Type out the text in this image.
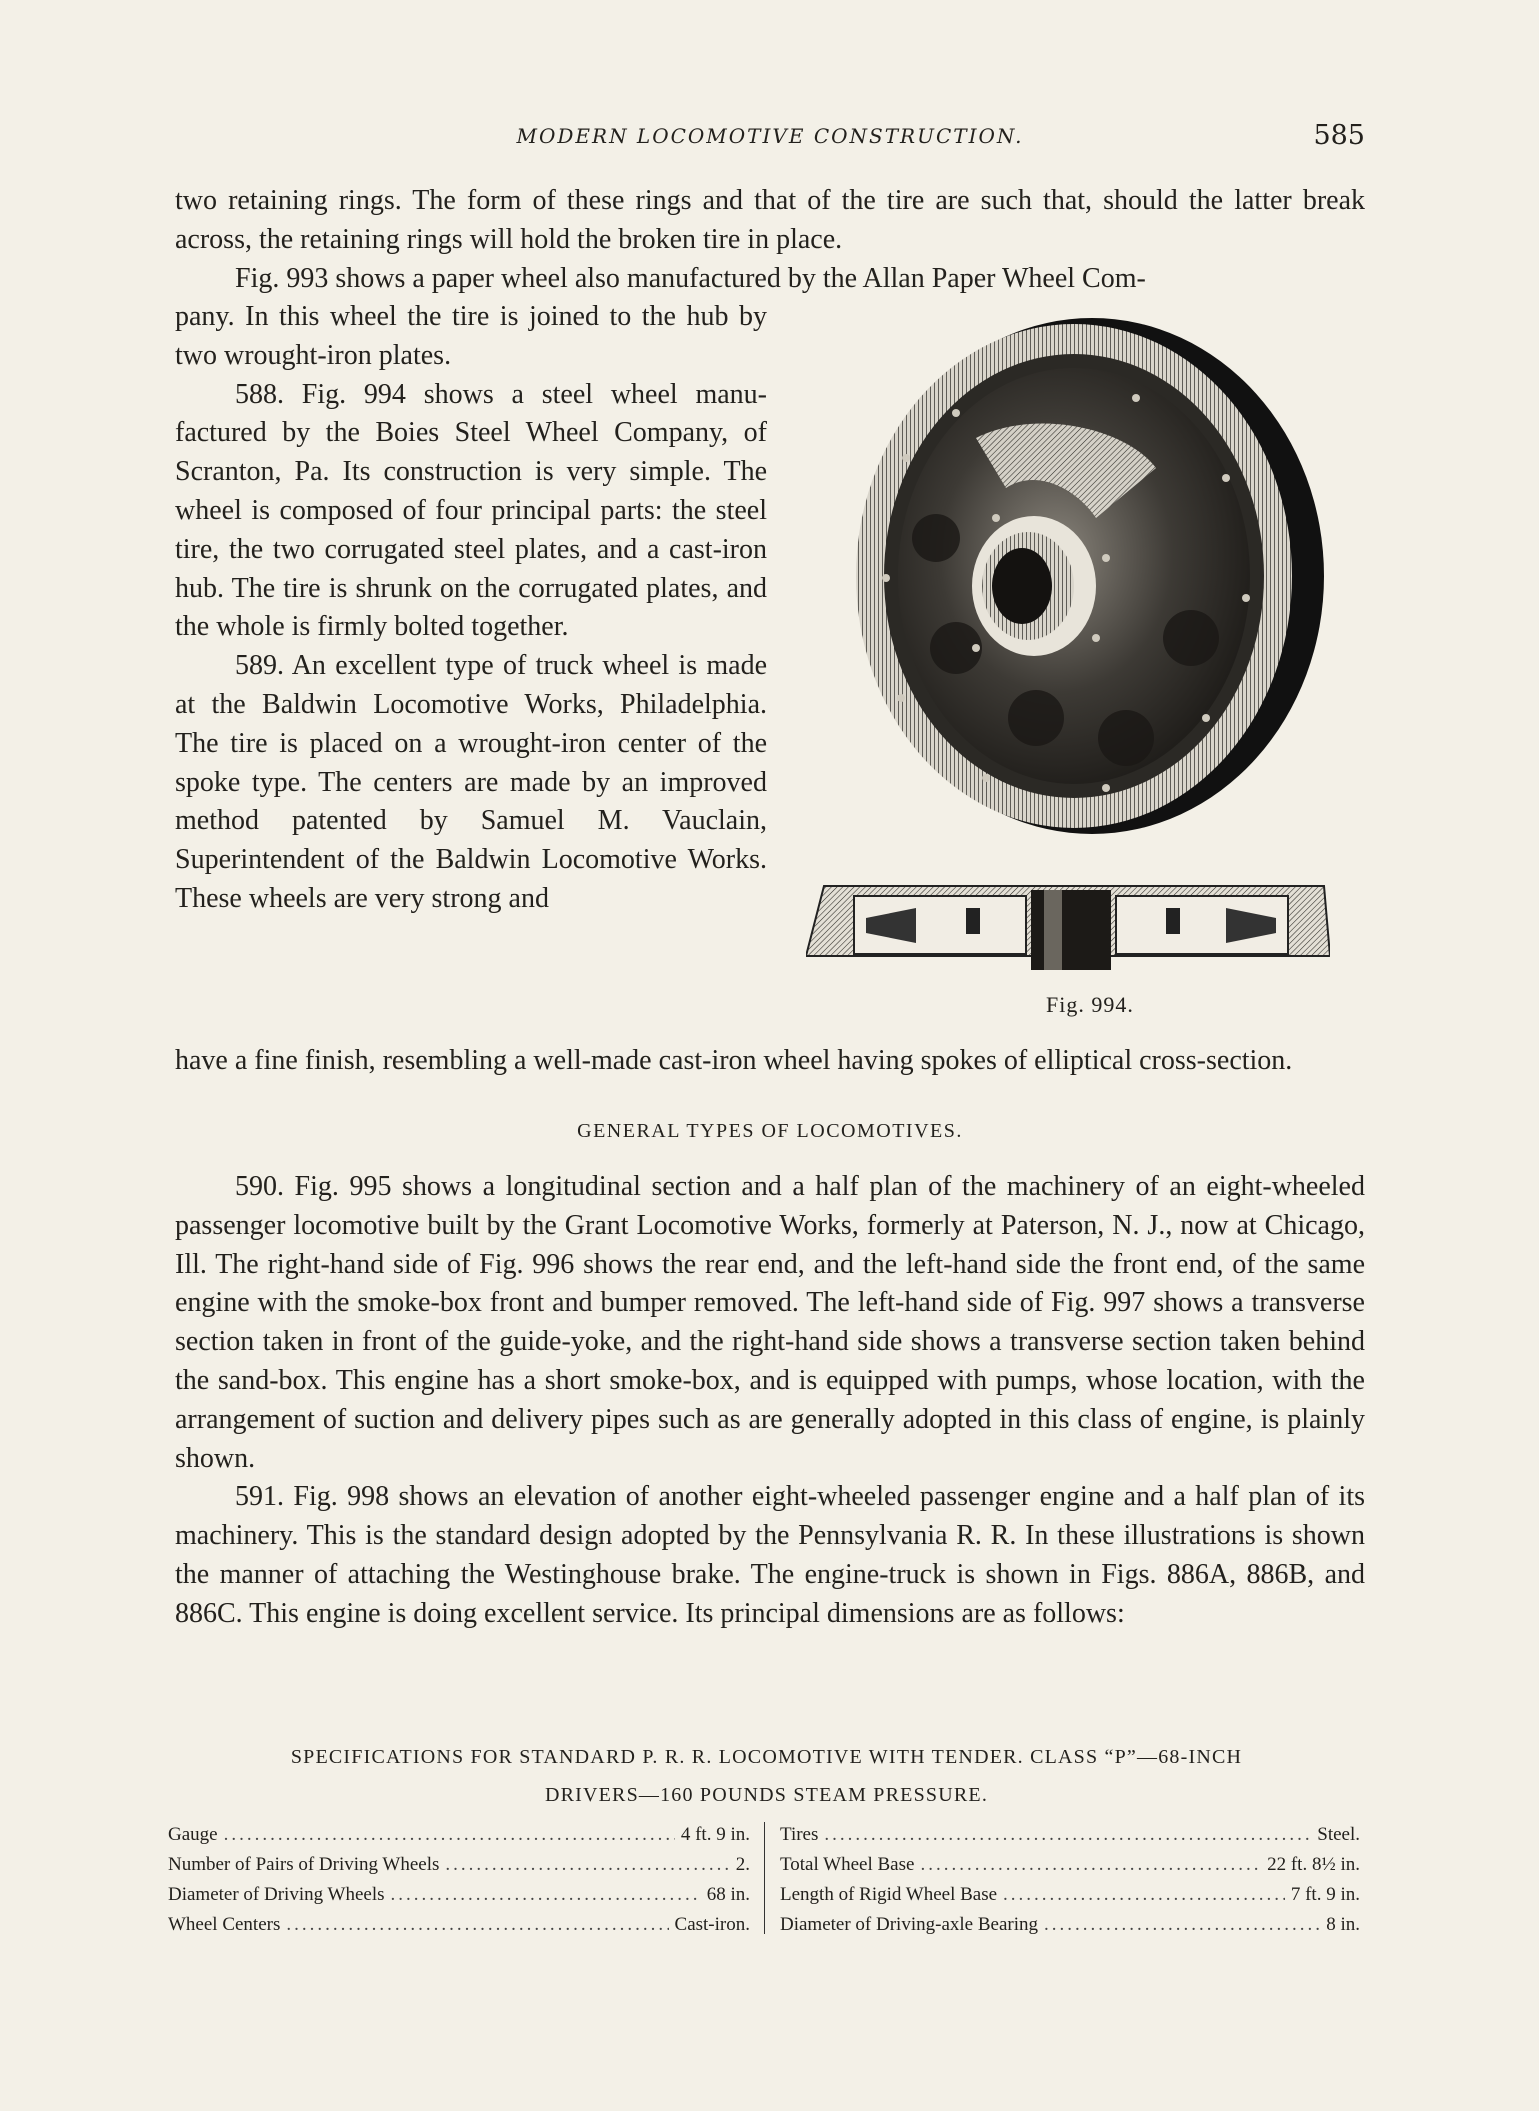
MODERN LOCOMOTIVE CONSTRUCTION.	585

two retaining rings. The form of these rings and that of the tire are such that, should the latter break across, the retaining rings will hold the broken tire in place.

Fig. 993 shows a paper wheel also manufactured by the Allan Paper Wheel Com-

pany. In this wheel the tire is joined to the hub by two wrought-iron plates.

588. Fig. 994 shows a steel wheel manufactured by the Boies Steel Wheel Company, of Scranton, Pa. Its construction is very simple. The wheel is composed of four principal parts: the steel tire, the two corrugated steel plates, and a cast-iron hub. The tire is shrunk on the corrugated plates, and the whole is firmly bolted together.

589. An excellent type of truck wheel is made at the Baldwin Locomotive Works, Philadelphia. The tire is placed on a wrought-iron center of the spoke type. The centers are made by an improved method patented by Samuel M. Vauclain, Superintendent of the Baldwin Locomotive Works. These wheels are very strong and

Fig. 994.

have a fine finish, resembling a well-made cast-iron wheel having spokes of elliptical cross-section.

GENERAL TYPES OF LOCOMOTIVES.

590. Fig. 995 shows a longitudinal section and a half plan of the machinery of an eight-wheeled passenger locomotive built by the Grant Locomotive Works, formerly at Paterson, N. J., now at Chicago, Ill. The right-hand side of Fig. 996 shows the rear end, and the left-hand side the front end, of the same engine with the smoke-box front and bumper removed. The left-hand side of Fig. 997 shows a transverse section taken in front of the guide-yoke, and the right-hand side shows a transverse section taken behind the sand-box. This engine has a short smoke-box, and is equipped with pumps, whose location, with the arrangement of suction and delivery pipes such as are generally adopted in this class of engine, is plainly shown.

591. Fig. 998 shows an elevation of another eight-wheeled passenger engine and a half plan of its machinery. This is the standard design adopted by the Pennsylvania R. R. In these illustrations is shown the manner of attaching the Westinghouse brake. The engine-truck is shown in Figs. 886A, 886B, and 886C. This engine is doing excellent service. Its principal dimensions are as follows:

SPECIFICATIONS FOR STANDARD P. R. R. LOCOMOTIVE WITH TENDER. CLASS “P”—68-INCH
DRIVERS—160 POUNDS STEAM PRESSURE.
Gauge .....	4 ft. 9 in.
Number of Pairs of Driving Wheels .....	2.
Diameter of Driving Wheels .....	68 in.
Wheel Centers .....	Cast-iron.
Tires .....	Steel.
Total Wheel Base .....	22 ft. 8½ in.
Length of Rigid Wheel Base .....	7 ft. 9 in.
Diameter of Driving-axle Bearing .....	8 in.
